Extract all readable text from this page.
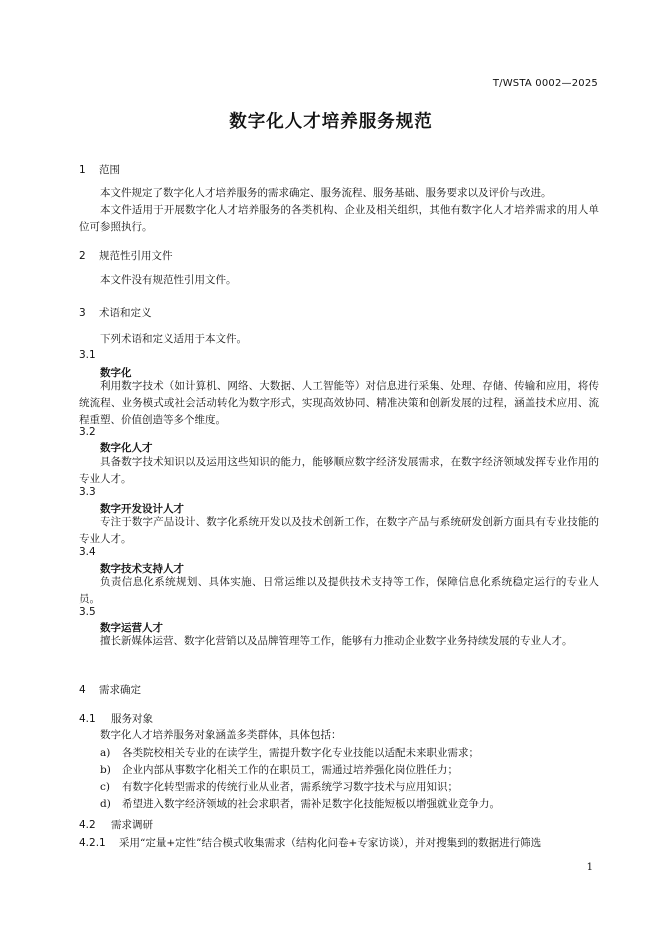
T/WSTA 0002—2025
数字化人才培养服务规范
1 范围
本文件规定了数字化人才培养服务的需求确定、服务流程、服务基础、服务要求以及评价与改进。
本文件适用于开展数字化人才培养服务的各类机构、企业及相关组织，其他有数字化人才培养需求的用人单位可参照执行。
2 规范性引用文件
本文件没有规范性引用文件。
3 术语和定义
下列术语和定义适用于本文件。
3.1
数字化
利用数字技术（如计算机、网络、大数据、人工智能等）对信息进行采集、处理、存储、传输和应用，将传统流程、业务模式或社会活动转化为数字形式，实现高效协同、精准决策和创新发展的过程，涵盖技术应用、流程重塑、价值创造等多个维度。
3.2
数字化人才
具备数字技术知识以及运用这些知识的能力，能够顺应数字经济发展需求，在数字经济领域发挥专业作用的专业人才。
3.3
数字开发设计人才
专注于数字产品设计、数字化系统开发以及技术创新工作，在数字产品与系统研发创新方面具有专业技能的专业人才。
3.4
数字技术支持人才
负责信息化系统规划、具体实施、日常运维以及提供技术支持等工作，保障信息化系统稳定运行的专业人员。
3.5
数字运营人才
擅长新媒体运营、数字化营销以及品牌管理等工作，能够有力推动企业数字业务持续发展的专业人才。
4 需求确定
4.1 服务对象
数字化人才培养服务对象涵盖多类群体，具体包括：
a) 各类院校相关专业的在读学生，需提升数字化专业技能以适配未来职业需求；
b) 企业内部从事数字化相关工作的在职员工，需通过培养强化岗位胜任力；
c) 有数字化转型需求的传统行业从业者，需系统学习数字技术与应用知识；
d) 希望进入数字经济领域的社会求职者，需补足数字化技能短板以增强就业竞争力。
4.2 需求调研
4.2.1 采用“定量+定性”结合模式收集需求（结构化问卷+专家访谈），并对搜集到的数据进行筛选
1
